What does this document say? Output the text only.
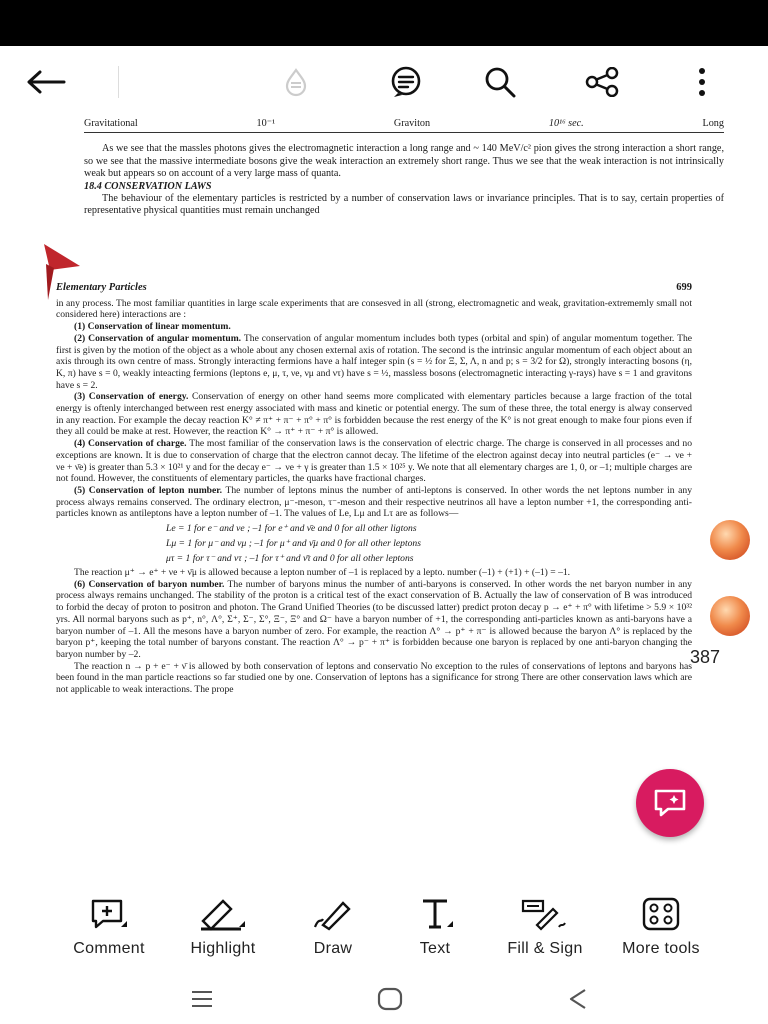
Gravitational	10⁻¹	Graviton	10¹⁶ sec.	Long

As we see that the massles photons gives the electromagnetic interaction a long range and ~ 140 MeV/c² pion gives the strong interaction a short range, so we see that the massive intermediate bosons give the weak interaction an extremely short range. Thus we see that the weak interaction is not intrinsically weak but appears so on account of a very large mass of quanta.

18.4 CONSERVATION LAWS

The behaviour of the elementary particles is restricted by a number of conservation laws or invariance principles. That is to say, certain properties of representative physical quantities must remain unchanged

Elementary Particles	699

in any process. The most familiar quantities in large scale experiments that are consesved in all (strong, electromagnetic and weak, gravitation-extrememly small not considered here) interactions are :

(1) Conservation of linear momentum.

(2) Conservation of angular momentum. The conservation of angular momentum includes both types (orbital and spin) of angular momentum together. The first is given by the motion of the object as a whole about any chosen external axis of rotation. The second is the intrinsic angular momentum of each object about an axis through its own centre of mass. Strongly interacting fermions have a half integer spin (s = ½ for Ξ, Σ, Λ, n and p; s = 3/2 for Ω), strongly interacting bosons (η, K, π) have s = 0, weakly inteacting fermions (leptons e, μ, τ, νe, νμ and ντ) have s = ½, massless bosons (electromagnetic interacting γ-rays) have s = 1 and gravitons have s = 2.

(3) Conservation of energy. Conservation of energy on other hand seems more complicated with elementary particles because a large fraction of the total energy is oftenly interchanged between rest energy associated with mass and kinetic or potential energy. The sum of these three, the total energy is alway conserved in any reaction. For example the decay reaction K° ≠ π⁺ + π⁻ + π° + π° is forbidden because the rest energy of the K° is not great enough to make four pions even if they all could be make at rest. However, the reaction K° → π⁺ + π⁻ + π° is allowed.

(4) Conservation of charge. The most familiar of the conservation laws is the conservation of electric charge. The charge is conserved in all processes and no exceptions are known. It is due to conservation of charge that the electron cannot decay. The lifetime of the electron against decay into neutral particles (e⁻ → νe + νe + ν̄e) is greater than 5.3 × 10²¹ y and for the decay e⁻ → νe + γ is greater than 1.5 × 10²⁵ y. We note that all elementary charges are 1, 0, or –1; multiple charges are not found. However, the constituents of elementary particles, the quarks have fractional charges.

(5) Conservation of lepton number. The number of leptons minus the number of anti-leptons is conserved. In other words the net leptons number in any process always remains conserved. The ordinary electron, μ⁻-meson, τ⁻-meson and their respective neutrinos all have a lepton number +1, the corresponding anti-particles known as antileptons have a lepton number of –1. The values of Le, Lμ and Lτ are as follows—

Le = 1 for e⁻ and νe ; –1 for e⁺ and ν̄e and 0 for all other ligtons

Lμ = 1 for μ⁻ and νμ ; –1 for μ⁺ and ν̄μ and 0 for all other leptons

μτ = 1 for τ⁻ and ντ ; –1 for τ⁺ and ν̄τ and 0 for all other leptons

The reaction μ⁺ → e⁺ + νe + ν̄μ is allowed because a lepton number of –1 is replaced by a lepto. number (–1) + (+1) + (–1) = –1.

(6) Conservation of baryon number. The number of baryons minus the number of anti-baryons is conserved. In other words the net baryon number in any process always remains unchanged. The stability of the proton is a critical test of the exact conservation of B. Actually the law of conservation of B was introduced to forbid the decay of proton to positron and photon. The Grand Unified Theories (to be discussed latter) predict proton decay p → e⁺ + π° with lifetime > 5.9 × 10³² yrs. All normal baryons such as p⁺, n°, Λ°, Σ⁺, Σ⁻, Σ°, Ξ⁻, Ξ° and Ω⁻ have a baryon number of +1, the corresponding anti-particles known as anti-baryons have a baryon number of –1. All the mesons have a baryon number of zero. For example, the reaction Λ° → p⁺ + π⁻ is allowed because the baryon Λ° is replaced by the baryon p⁺, keeping the total number of baryons constant. The reaction Λ° → p⁻ + π⁺ is forbidden because one baryon is replaced by one anti-baryon changing the baryon number by –2.

The reaction n → p + e⁻ + ν̄ is allowed by both conservation of leptons and conservatio No exception to the rules of conservations of leptons and baryons has been found in the man particle reactions so far studied one by one. Conservation of leptons has a significance for strong There are other conservation laws which are not applicable to weak interactions. The prope

387
Comment	Highlight	Draw	Text	Fill & Sign	More tools
